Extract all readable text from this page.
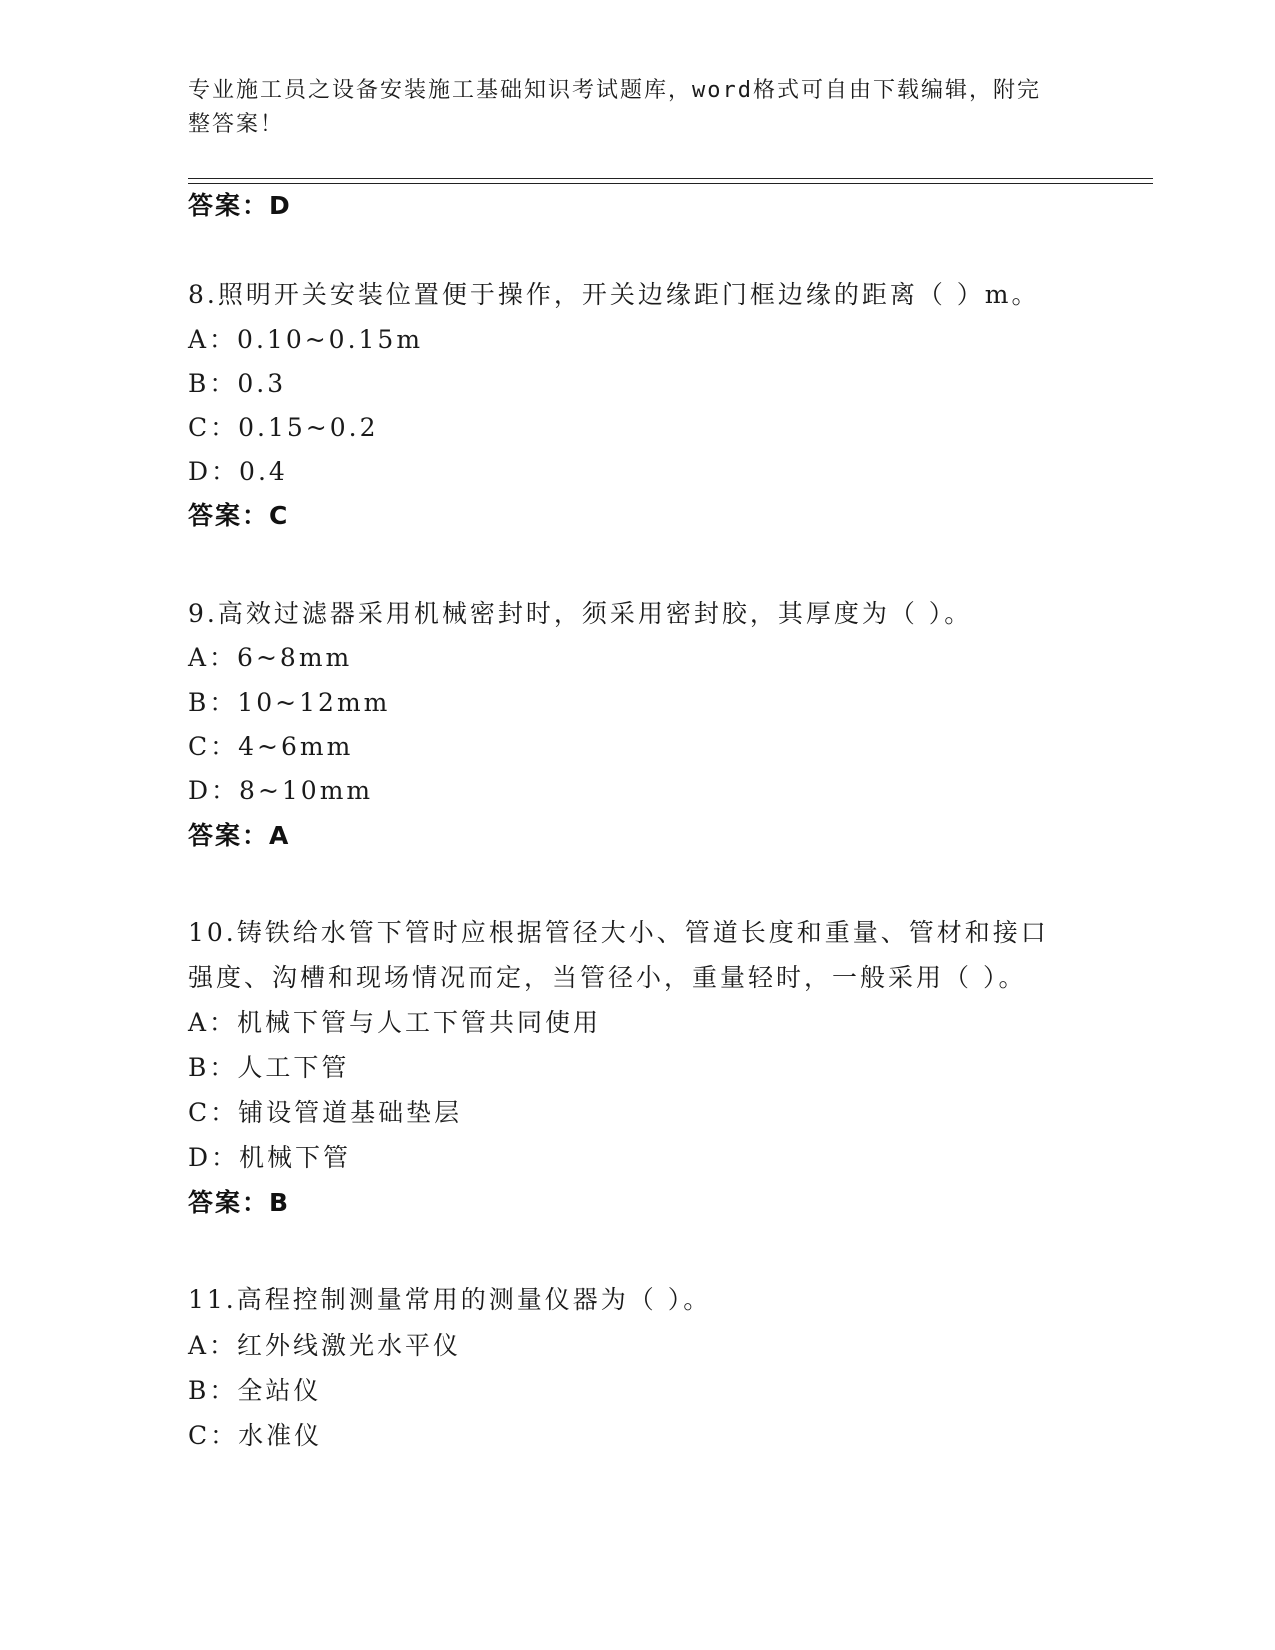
专业施工员之设备安装施工基础知识考试题库，word格式可自由下载编辑，附完
整答案！
答案：D
8.照明开关安装位置便于操作，开关边缘距门框边缘的距离（ ）m。
A：0.10~0.15m
B：0.3
C：0.15~0.2
D：0.4
答案：C
9.高效过滤器采用机械密封时，须采用密封胶，其厚度为（ ）。
A：6~8mm
B：10~12mm
C：4~6mm
D：8~10mm
答案：A
10.铸铁给水管下管时应根据管径大小、管道长度和重量、管材和接口
强度、沟槽和现场情况而定，当管径小，重量轻时，一般采用（ ）。
A：机械下管与人工下管共同使用
B：人工下管
C：铺设管道基础垫层
D：机械下管
答案：B
11.高程控制测量常用的测量仪器为（ ）。
A：红外线激光水平仪
B：全站仪
C：水准仪
